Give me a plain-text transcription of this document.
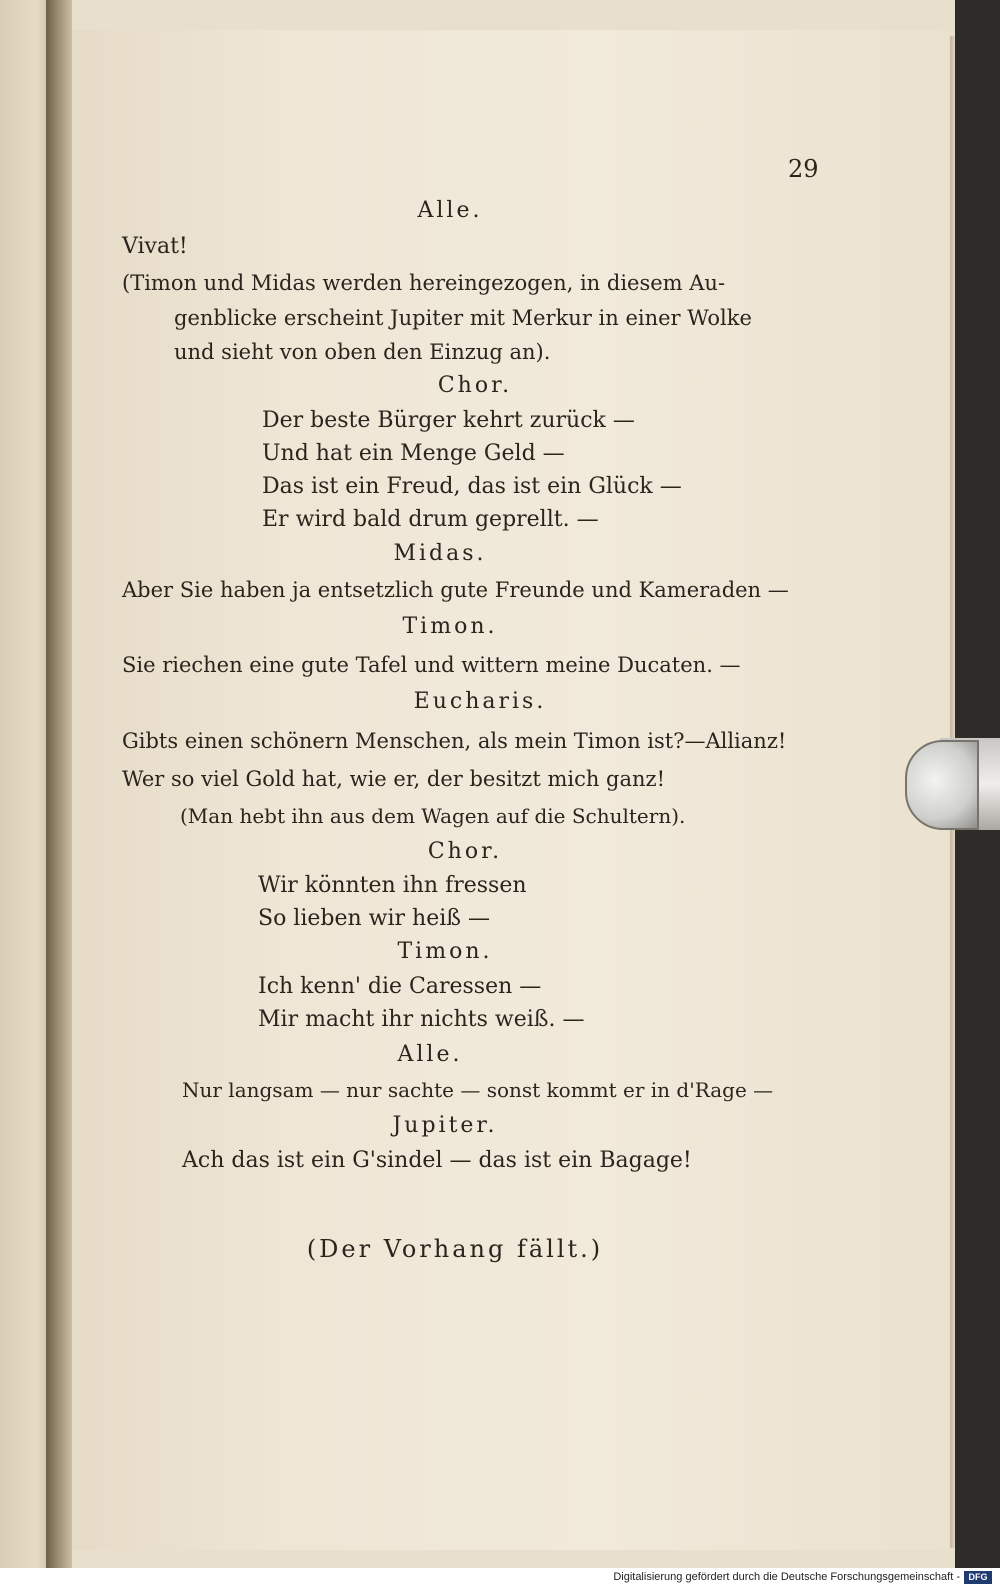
29
Alle.
Vivat!
(Timon und Midas werden hereingezogen, in diesem Au-
genblicke erscheint Jupiter mit Merkur in einer Wolke
und sieht von oben den Einzug an).
Chor.
Der beste Bürger kehrt zurück —
Und hat ein Menge Geld —
Das ist ein Freud, das ist ein Glück —
Er wird bald drum geprellt. —
Midas.
Aber Sie haben ja entsetzlich gute Freunde und Kameraden —
Timon.
Sie riechen eine gute Tafel und wittern meine Ducaten. —
Eucharis.
Gibts einen schönern Menschen, als mein Timon ist?—Allianz!
Wer so viel Gold hat, wie er, der besitzt mich ganz!
(Man hebt ihn aus dem Wagen auf die Schultern).
Chor.
Wir könnten ihn fressen
So lieben wir heiß —
Timon.
Ich kenn' die Caressen —
Mir macht ihr nichts weiß. —
Alle.
Nur langsam — nur sachte — sonst kommt er in d'Rage —
Jupiter.
Ach das ist ein G'sindel — das ist ein Bagage!
(Der Vorhang fällt.)
Digitalisierung gefördert durch die Deutsche Forschungsgemeinschaft - DFG
